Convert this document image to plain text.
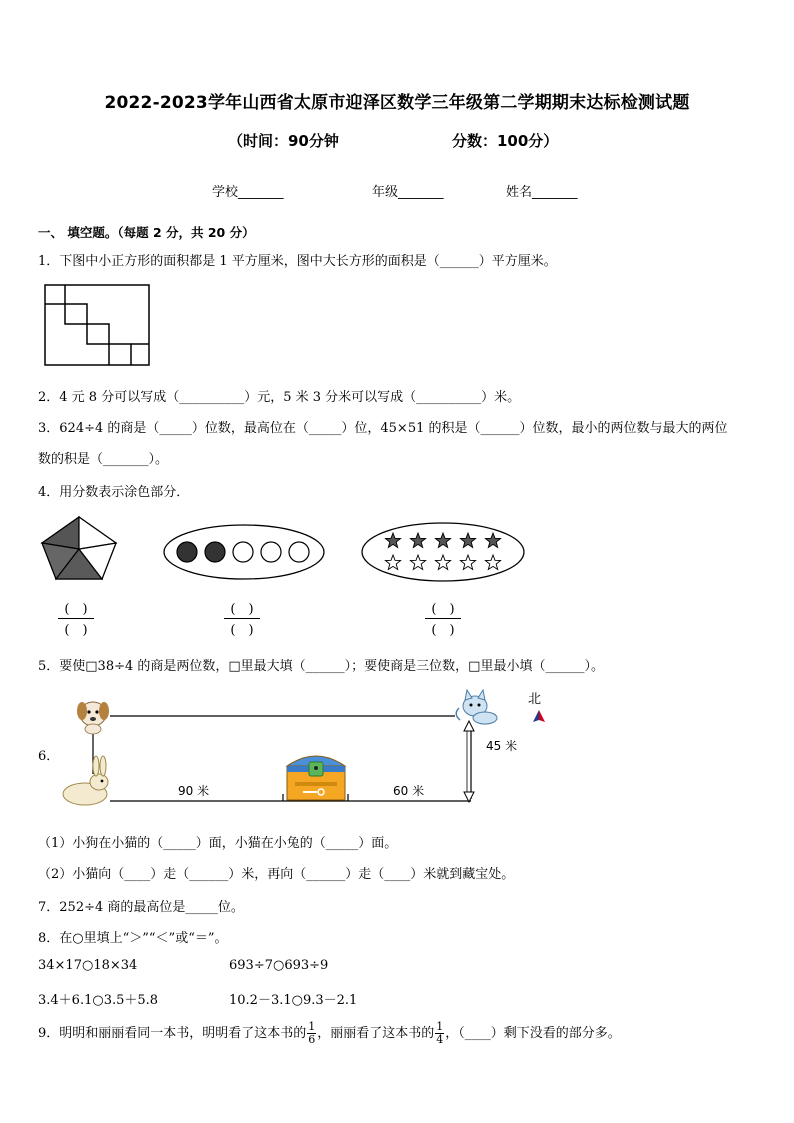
2022-2023学年山西省太原市迎泽区数学三年级第二学期期末达标检测试题
（时间：90分钟	分数：100分）
学校_______	年级_______	姓名_______
一、 填空题。（每题 2 分，共 20 分）
1．下图中小正方形的面积都是 1 平方厘米，图中大长方形的面积是（______）平方厘米。
2．4 元 8 分可以写成（__________）元，5 米 3 分米可以写成（__________）米。
3．624÷4 的商是（_____）位数，最高位在（_____）位，45×51 的积是（______）位数，最小的两位数与最大的两位
数的积是（_______）。
4．用分数表示涂色部分．
(　)
(　)
(　)
(　)
(　)
(　)
5．要使□38÷4 的商是两位数，□里最大填（______）；要使商是三位数，□里最小填（______）。
6．
北
45 米
90 米	60 米
（1）小狗在小猫的（_____）面，小猫在小兔的（_____）面。
（2）小猫向（____）走（______）米，再向（______）走（____）米就到藏宝处。
7．252÷4 商的最高位是_____位。
8．在○里填上“＞”“＜”或“＝”。
34×17○18×34	693÷7○693÷9
3.4＋6.1○3.5＋5.8	10.2－3.1○9.3－2.1
9．明明和丽丽看同一本书，明明看了这本书的 $\frac{1}{6}$ ，丽丽看了这本书的 $\frac{1}{4}$ ，（____）剩下没看的部分多。
